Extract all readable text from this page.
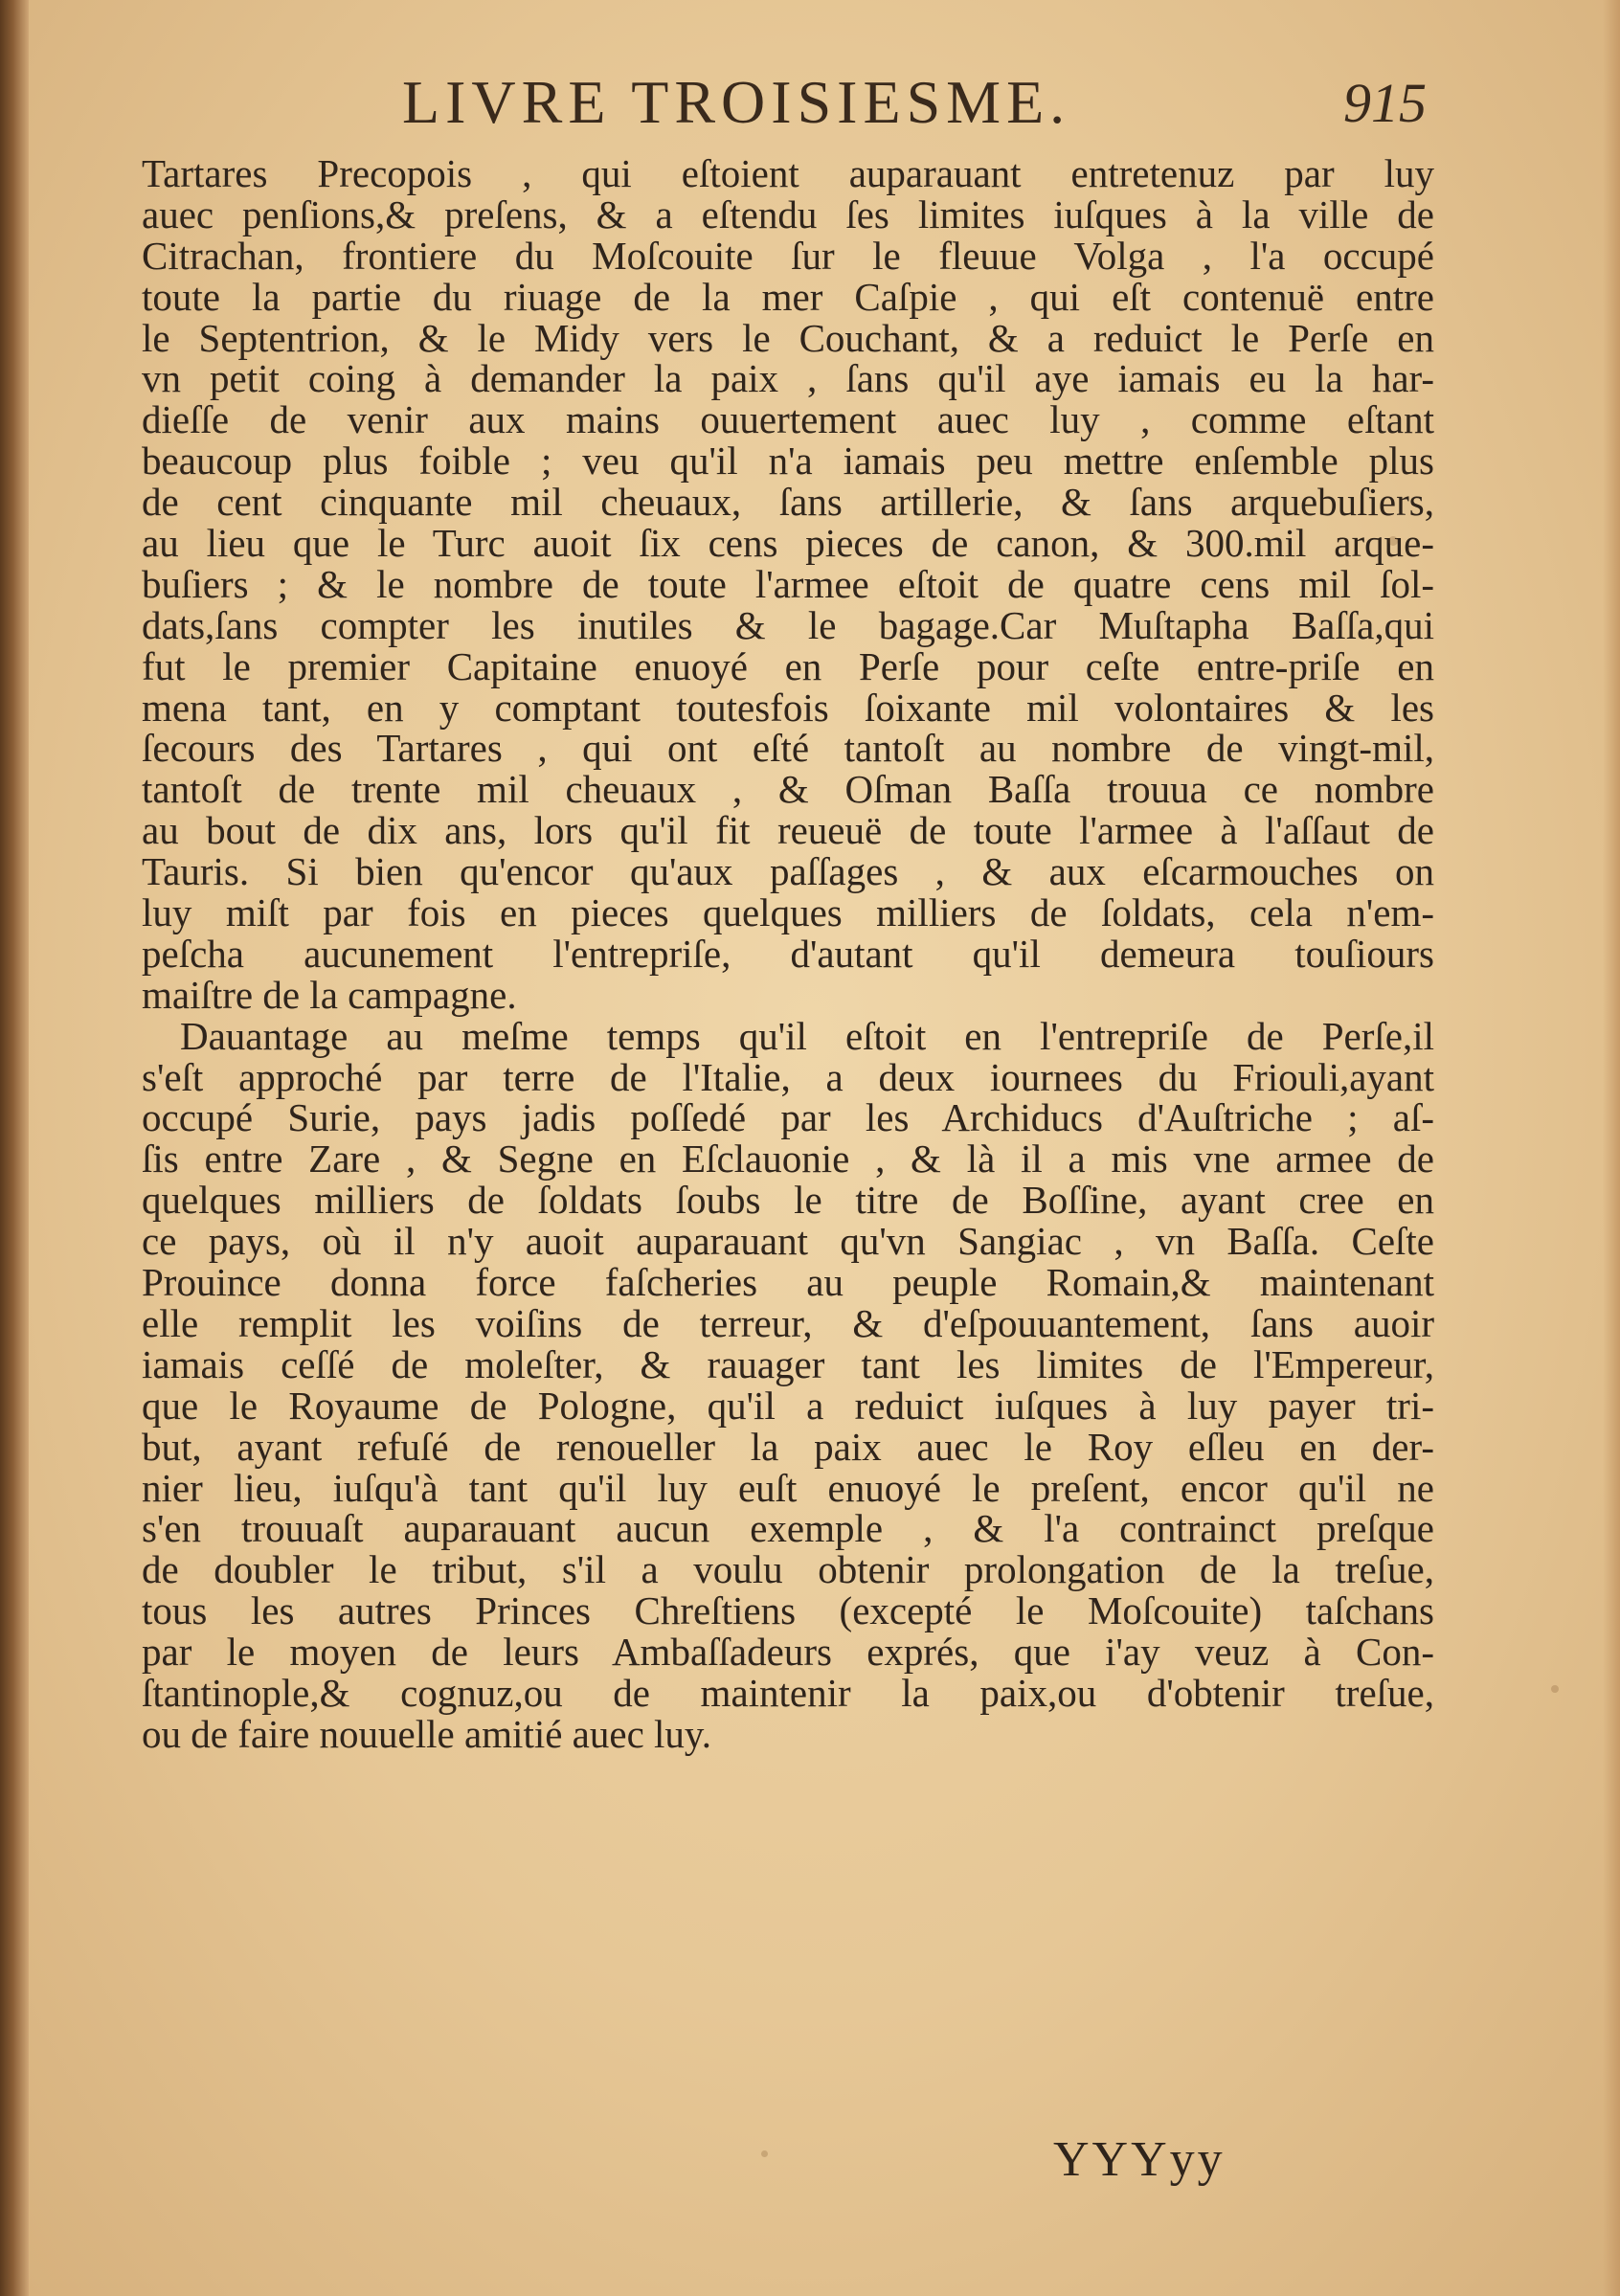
LIVRE TROISIESME.	915
Tartares Precopois , qui eſtoient auparauant entretenuz par luy
auec penſions,& preſens, & a eſtendu ſes limites iuſques à la ville de
Citrachan, frontiere du Moſcouite ſur le fleuue Volga , l'a occupé
toute la partie du riuage de la mer Caſpie , qui eſt contenuë entre
le Septentrion, & le Midy vers le Couchant, & a reduict le Perſe en
vn petit coing à demander la paix , ſans qu'il aye iamais eu la har-
dieſſe de venir aux mains ouuertement auec luy , comme eſtant
beaucoup plus foible ; veu qu'il n'a iamais peu mettre enſemble plus
de cent cinquante mil cheuaux, ſans artillerie, & ſans arquebuſiers,
au lieu que le Turc auoit ſix cens pieces de canon, & 300.mil arque-
buſiers ; & le nombre de toute l'armee eſtoit de quatre cens mil ſol-
dats,ſans compter les inutiles & le bagage.Car Muſtapha Baſſa,qui
fut le premier Capitaine enuoyé en Perſe pour ceſte entre-priſe en
mena tant, en y comptant toutesfois ſoixante mil volontaires & les
ſecours des Tartares , qui ont eſté tantoſt au nombre de vingt-mil,
tantoſt de trente mil cheuaux , & Oſman Baſſa trouua ce nombre
au bout de dix ans, lors qu'il fit reueuë de toute l'armee à l'aſſaut de
Tauris. Si bien qu'encor qu'aux paſſages , & aux eſcarmouches on
luy miſt par fois en pieces quelques milliers de ſoldats, cela n'em-
peſcha aucunement l'entrepriſe, d'autant qu'il demeura touſiours
maiſtre de la campagne.
Dauantage au meſme temps qu'il eſtoit en l'entrepriſe de Perſe,il
s'eſt approché par terre de l'Italie, a deux iournees du Friouli,ayant
occupé Surie, pays jadis poſſedé par les Archiducs d'Auſtriche ; aſ-
ſis entre Zare , & Segne en Eſclauonie , & là il a mis vne armee de
quelques milliers de ſoldats ſoubs le titre de Boſſine, ayant cree en
ce pays, où il n'y auoit auparauant qu'vn Sangiac , vn Baſſa. Ceſte
Prouince donna force faſcheries au peuple Romain,& maintenant
elle remplit les voiſins de terreur, & d'eſpouuantement, ſans auoir
iamais ceſſé de moleſter, & rauager tant les limites de l'Empereur,
que le Royaume de Pologne, qu'il a reduict iuſques à luy payer tri-
but, ayant refuſé de renoueller la paix auec le Roy eſleu en der-
nier lieu, iuſqu'à tant qu'il luy euſt enuoyé le preſent, encor qu'il ne
s'en trouuaſt auparauant aucun exemple , & l'a contrainct preſque
de doubler le tribut, s'il a voulu obtenir prolongation de la treſue,
tous les autres Princes Chreſtiens (excepté le Moſcouite) taſchans
par le moyen de leurs Ambaſſadeurs exprés, que i'ay veuz à Con-
ſtantinople,& cognuz,ou de maintenir la paix,ou d'obtenir treſue,
ou de faire nouuelle amitié auec luy.
YYYyy
